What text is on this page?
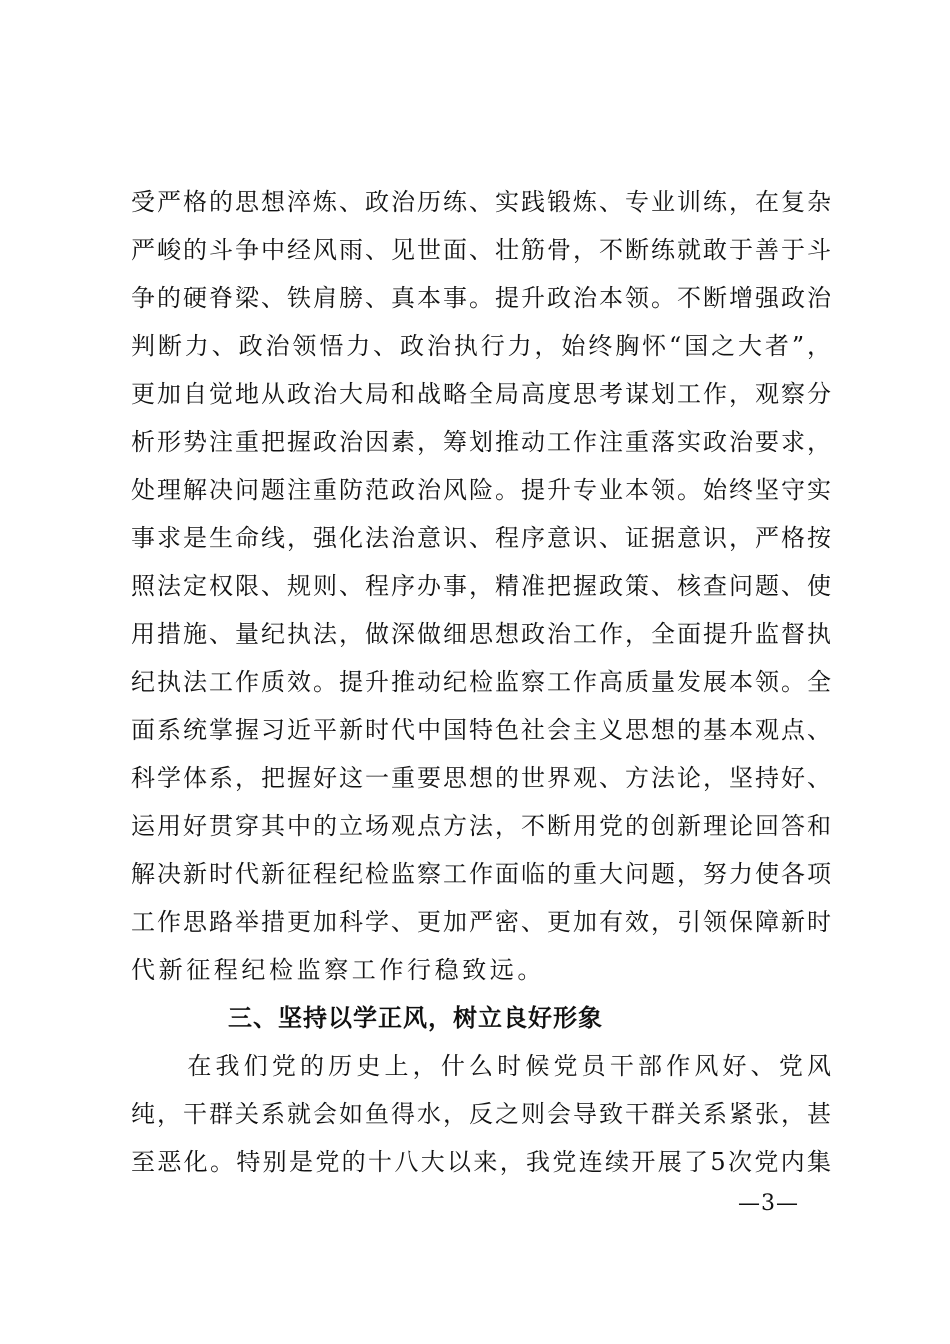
受严格的思想淬炼、政治历练、实践锻炼、专业训练，在复杂
严峻的斗争中经风雨、见世面、壮筋骨，不断练就敢于善于斗
争的硬脊梁、铁肩膀、真本事。提升政治本领。不断增强政治
判断力、政治领悟力、政治执行力，始终胸怀“国之大者”，
更加自觉地从政治大局和战略全局高度思考谋划工作，观察分
析形势注重把握政治因素，筹划推动工作注重落实政治要求，
处理解决问题注重防范政治风险。提升专业本领。始终坚守实
事求是生命线，强化法治意识、程序意识、证据意识，严格按
照法定权限、规则、程序办事，精准把握政策、核查问题、使
用措施、量纪执法，做深做细思想政治工作，全面提升监督执
纪执法工作质效。提升推动纪检监察工作高质量发展本领。全
面系统掌握习近平新时代中国特色社会主义思想的基本观点、
科学体系，把握好这一重要思想的世界观、方法论，坚持好、
运用好贯穿其中的立场观点方法，不断用党的创新理论回答和
解决新时代新征程纪检监察工作面临的重大问题，努力使各项
工作思路举措更加科学、更加严密、更加有效，引领保障新时
代新征程纪检监察工作行稳致远。
三、坚持以学正风，树立良好形象
　　在我们党的历史上，什么时候党员干部作风好、党风
纯，干群关系就会如鱼得水，反之则会导致干群关系紧张，甚
至恶化。特别是党的十八大以来，我党连续开展了5次党内集
—3—
